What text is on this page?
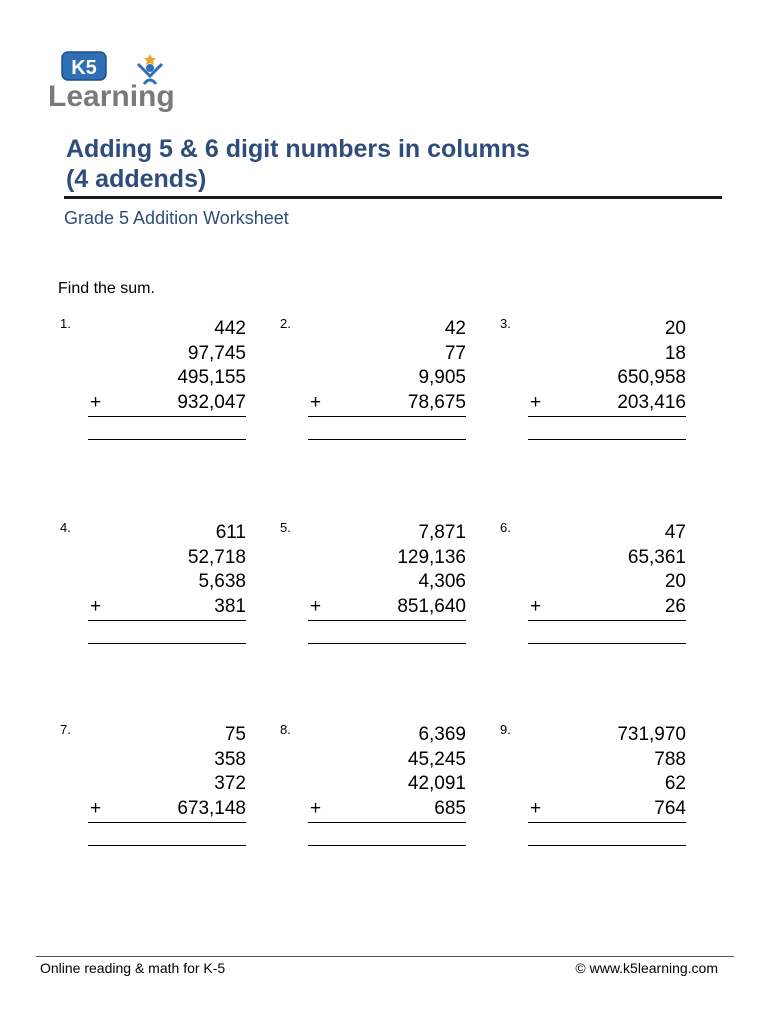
K5
Learning
Adding 5 & 6 digit numbers in columns
(4 addends)
Grade 5 Addition Worksheet
Find the sum.
1.	442
97,745
495,155
932,047
+
2.	42
77
9,905
78,675
+
3.	20
18
650,958
203,416
+
4.	611
52,718
5,638
381
+
5.	7,871
129,136
4,306
851,640
+
6.	47
65,361
20
26
+
7.	75
358
372
673,148
+
8.	6,369
45,245
42,091
685
+
9.	731,970
788
62
764
+
Online reading & math for K-5	© www.k5learning.com
